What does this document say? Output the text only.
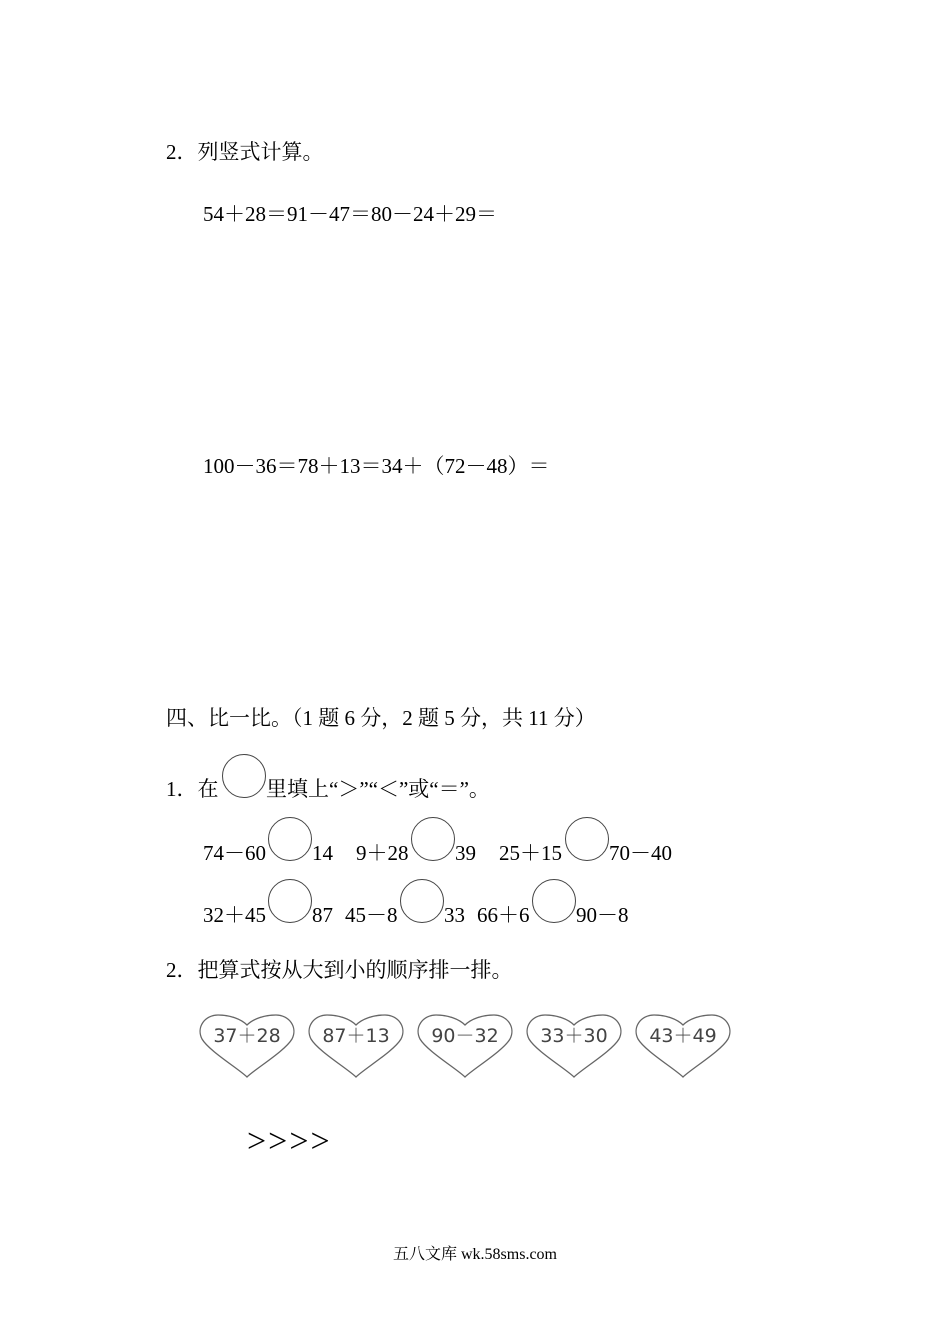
2．列竖式计算。
54＋28＝91－47＝80－24＋29＝
100－36＝78＋13＝34＋（72－48）＝
四、比一比。（1 题 6 分，2 题 5 分，共 11 分）
1．在 里填上“＞”“＜”或“＝”。
74－60 14 9＋28 39 25＋15 70－40
32＋45 87 45－8 33 66＋6 90－8
2．把算式按从大到小的顺序排一排。
37＋28	87＋13	90－32	33＋30	43＋49
>>>>
五八文库 wk.58sms.com
